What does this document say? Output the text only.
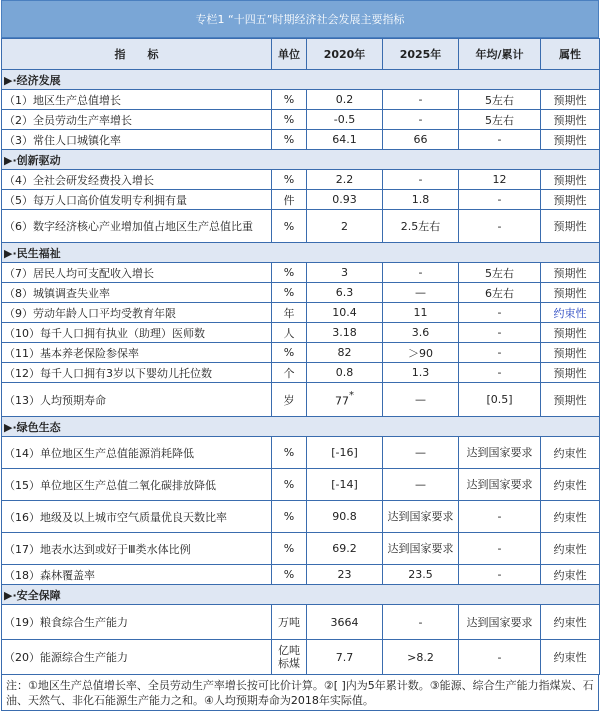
专栏1 “十四五”时期经济社会发展主要指标
指　　标	单位	2020年	2025年	年均/累计	属性
▶·经济发展					
（1）地区生产总值增长	%	0.2	-	5左右	预期性
（2）全员劳动生产率增长	%	-0.5	-	5左右	预期性
（3）常住人口城镇化率	%	64.1	66	-	预期性
▶·创新驱动					
（4）全社会研发经费投入增长	%	2.2	-	12	预期性
（5）每万人口高价值发明专利拥有量	件	0.93	1.8	-	预期性
（6）数字经济核心产业增加值占地区生产总值比重	%	2	2.5左右	-	预期性
▶·民生福祉					
（7）居民人均可支配收入增长	%	3	-	5左右	预期性
（8）城镇调查失业率	%	6.3	—	6左右	预期性
（9）劳动年龄人口平均受教育年限	年	10.4	11	-	约束性
（10）每千人口拥有执业（助理）医师数	人	3.18	3.6	-	预期性
（11）基本养老保险参保率	%	82	＞90	-	预期性
（12）每千人口拥有3岁以下婴幼儿托位数	个	0.8	1.3	-	预期性
（13）人均预期寿命	岁	77*	—	[0.5]	预期性
▶·绿色生态					
（14）单位地区生产总值能源消耗降低	%	[-16]	—	达到国家要求	约束性
（15）单位地区生产总值二氧化碳排放降低	%	[-14]	—	达到国家要求	约束性
（16）地级及以上城市空气质量优良天数比率	%	90.8	达到国家要求	-	约束性
（17）地表水达到或好于Ⅲ类水体比例	%	69.2	达到国家要求	-	约束性
（18）森林覆盖率	%	23	23.5	-	约束性
▶·安全保障					
（19）粮食综合生产能力	万吨	3664	-	达到国家要求	约束性
（20）能源综合生产能力	亿吨标煤	7.7	>8.2	-	约束性
注：①地区生产总值增长率、全员劳动生产率增长按可比价计算。②[ ]内为5年累计数。③能源、综合生产能力指煤炭、石油、天然气、非化石能源生产能力之和。④人均预期寿命为2018年实际值。
